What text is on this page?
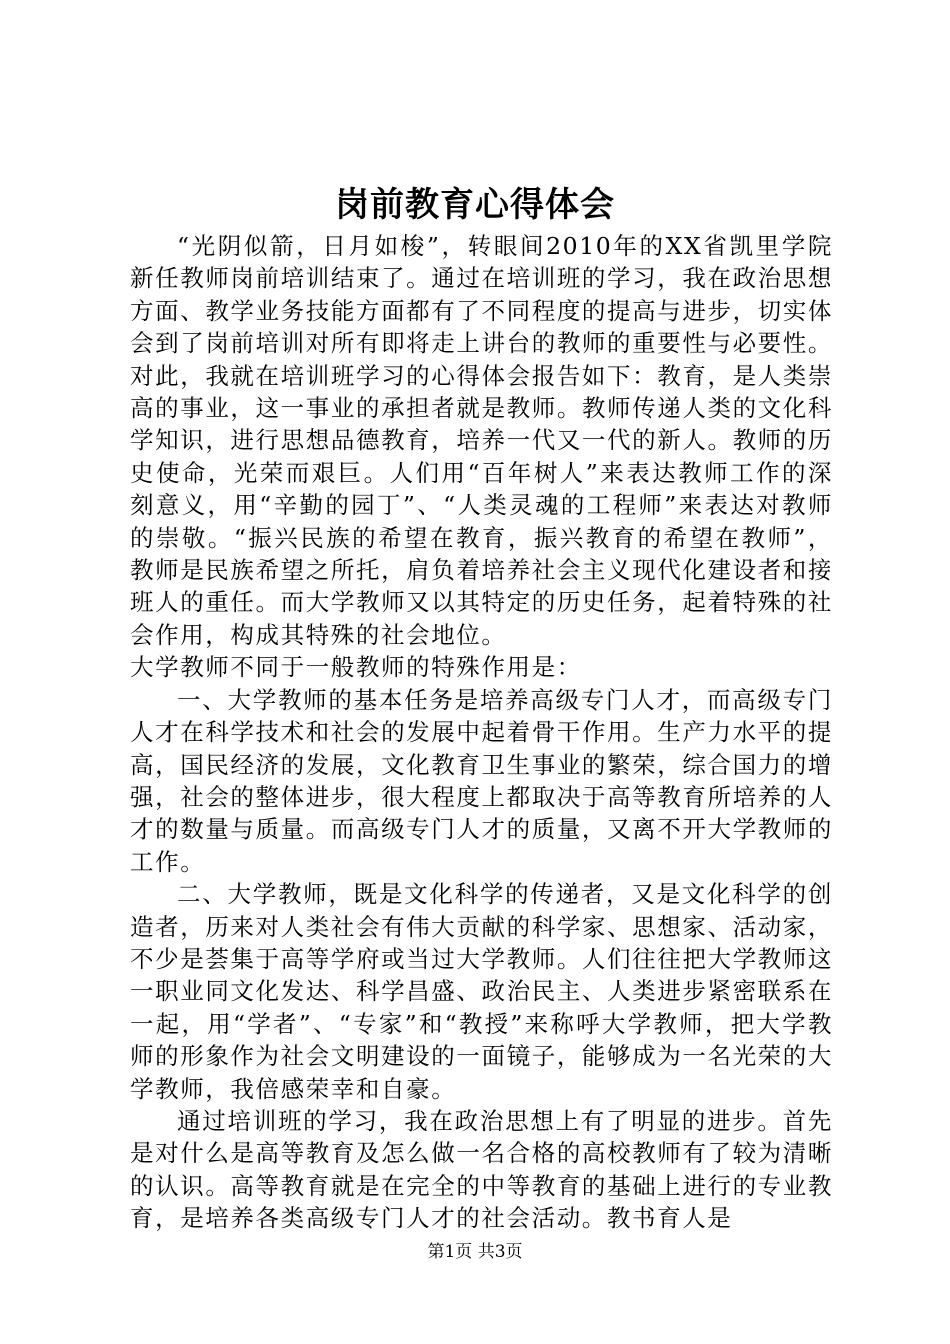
岗前教育心得体会

“光阴似箭，日月如梭”，转眼间2010年的XX省凯里学院新任教师岗前培训结束了。通过在培训班的学习，我在政治思想方面、教学业务技能方面都有了不同程度的提高与进步，切实体会到了岗前培训对所有即将走上讲台的教师的重要性与必要性。对此，我就在培训班学习的心得体会报告如下：教育，是人类崇高的事业，这一事业的承担者就是教师。教师传递人类的文化科学知识，进行思想品德教育，培养一代又一代的新人。教师的历史使命，光荣而艰巨。人们用“百年树人”来表达教师工作的深刻意义，用“辛勤的园丁”、“人类灵魂的工程师”来表达对教师的崇敬。“振兴民族的希望在教育，振兴教育的希望在教师”，教师是民族希望之所托，肩负着培养社会主义现代化建设者和接班人的重任。而大学教师又以其特定的历史任务，起着特殊的社会作用，构成其特殊的社会地位。

大学教师不同于一般教师的特殊作用是：

一、大学教师的基本任务是培养高级专门人才，而高级专门人才在科学技术和社会的发展中起着骨干作用。生产力水平的提高，国民经济的发展，文化教育卫生事业的繁荣，综合国力的增强，社会的整体进步，很大程度上都取决于高等教育所培养的人才的数量与质量。而高级专门人才的质量，又离不开大学教师的工作。

二、大学教师，既是文化科学的传递者，又是文化科学的创造者，历来对人类社会有伟大贡献的科学家、思想家、活动家，不少是荟集于高等学府或当过大学教师。人们往往把大学教师这一职业同文化发达、科学昌盛、政治民主、人类进步紧密联系在一起，用“学者”、“专家”和“教授”来称呼大学教师，把大学教师的形象作为社会文明建设的一面镜子，能够成为一名光荣的大学教师，我倍感荣幸和自豪。

通过培训班的学习，我在政治思想上有了明显的进步。首先是对什么是高等教育及怎么做一名合格的高校教师有了较为清晰的认识。高等教育就是在完全的中等教育的基础上进行的专业教育，是培养各类高级专门人才的社会活动。教书育人是

第1页 共3页
